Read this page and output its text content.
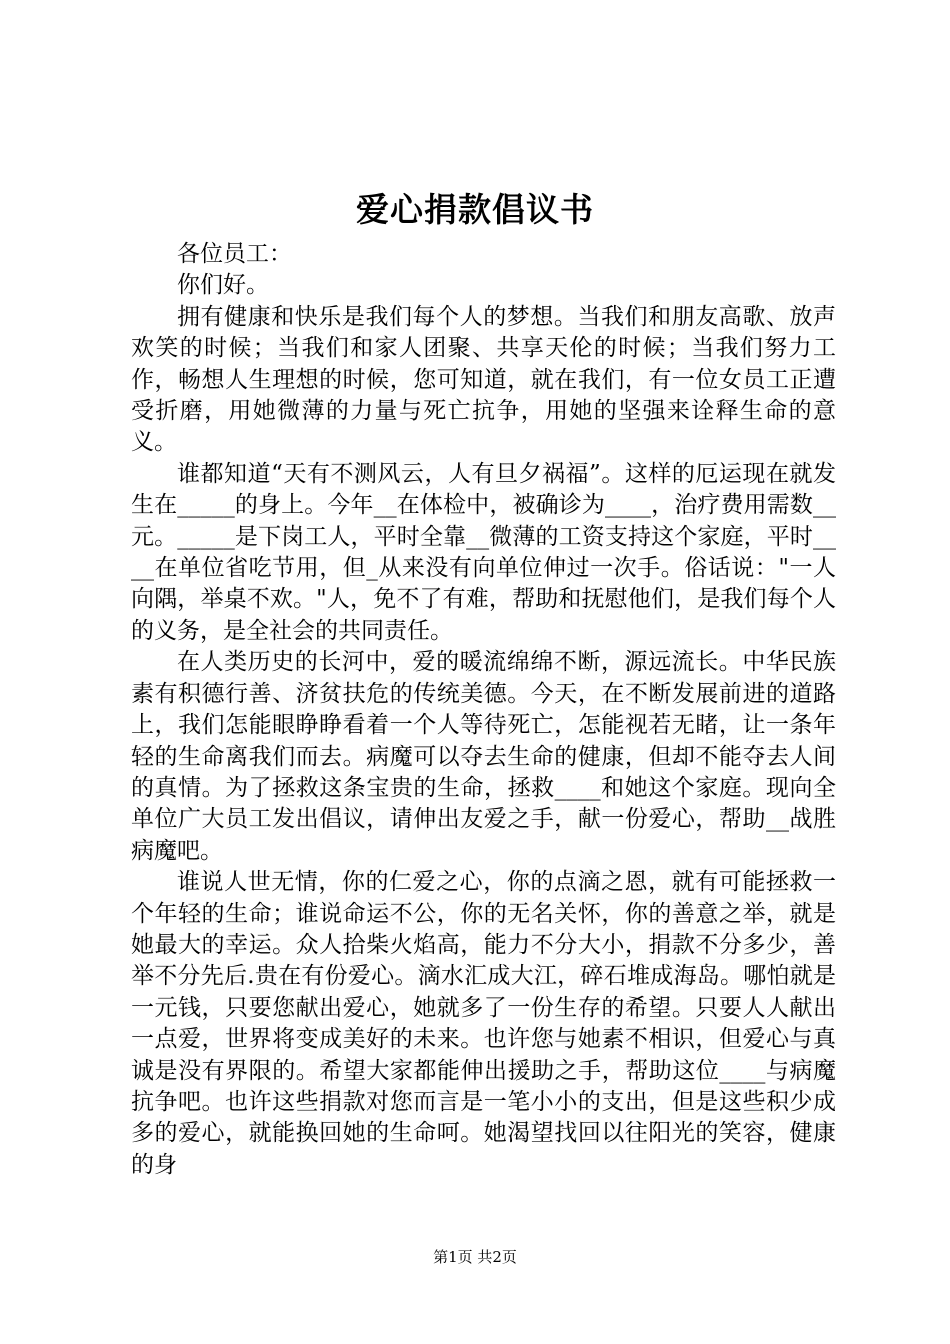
爱心捐款倡议书

各位员工：

你们好。

拥有健康和快乐是我们每个人的梦想。当我们和朋友高歌、放声欢笑的时候；当我们和家人团聚、共享天伦的时候；当我们努力工作，畅想人生理想的时候，您可知道，就在我们，有一位女员工正遭受折磨，用她微薄的力量与死亡抗争，用她的坚强来诠释生命的意义。

谁都知道“天有不测风云，人有旦夕祸福”。这样的厄运现在就发生在_____的身上。今年__在体检中，被确诊为____，治疗费用需数__元。_____是下岗工人，平时全靠__微薄的工资支持这个家庭，平时____在单位省吃节用，但_从来没有向单位伸过一次手。俗话说："一人向隅，举桌不欢。"人，免不了有难，帮助和抚慰他们，是我们每个人的义务，是全社会的共同责任。

在人类历史的长河中，爱的暖流绵绵不断，源远流长。中华民族素有积德行善、济贫扶危的传统美德。今天，在不断发展前进的道路上，我们怎能眼睁睁看着一个人等待死亡，怎能视若无睹，让一条年轻的生命离我们而去。病魔可以夺去生命的健康，但却不能夺去人间的真情。为了拯救这条宝贵的生命，拯救____和她这个家庭。现向全单位广大员工发出倡议，请伸出友爱之手，献一份爱心，帮助__战胜病魔吧。

谁说人世无情，你的仁爱之心，你的点滴之恩，就有可能拯救一个年轻的生命；谁说命运不公，你的无名关怀，你的善意之举，就是她最大的幸运。众人拾柴火焰高，能力不分大小，捐款不分多少，善举不分先后.贵在有份爱心。滴水汇成大江，碎石堆成海岛。哪怕就是一元钱，只要您献出爱心，她就多了一份生存的希望。只要人人献出一点爱，世界将变成美好的未来。也许您与她素不相识，但爱心与真诚是没有界限的。希望大家都能伸出援助之手，帮助这位____与病魔抗争吧。也许这些捐款对您而言是一笔小小的支出，但是这些积少成多的爱心，就能换回她的生命呵。她渴望找回以往阳光的笑容，健康的身

第1页 共2页
